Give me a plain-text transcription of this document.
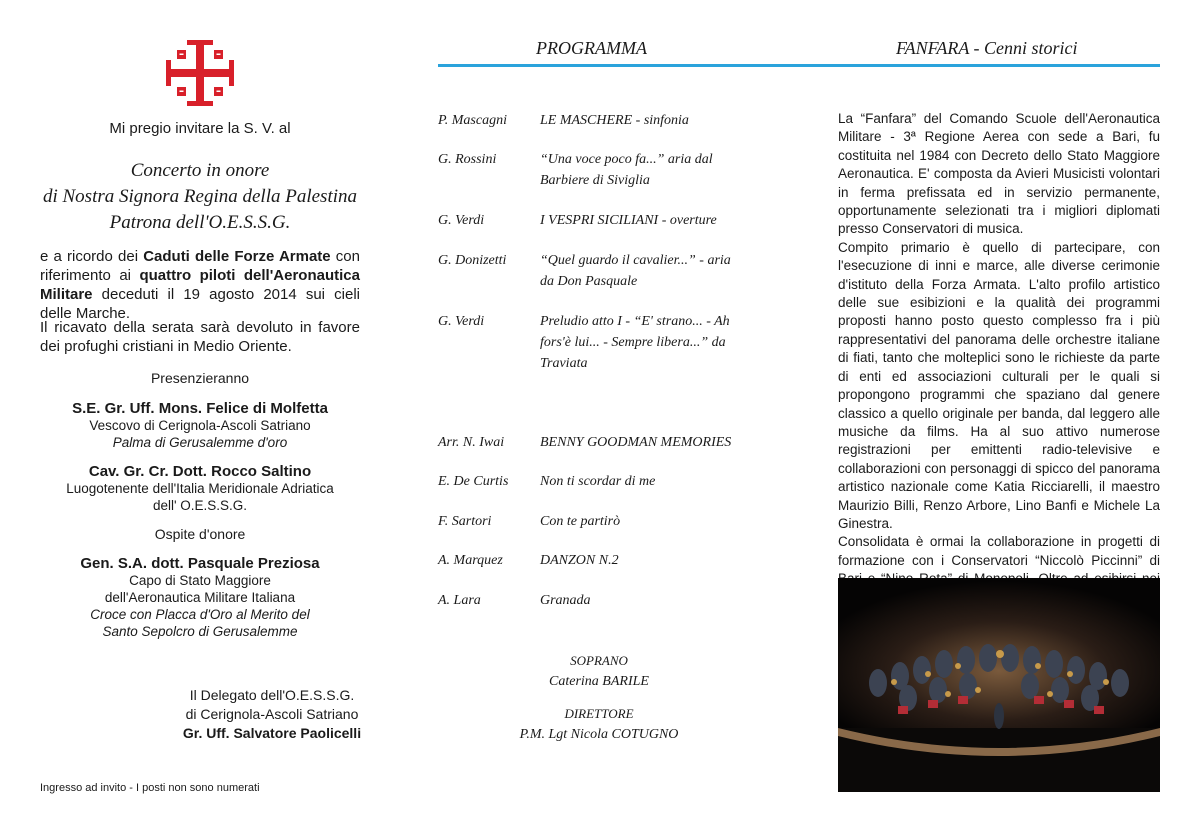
Mi pregio invitare la S. V. al
Concerto in onore
di Nostra Signora Regina della Palestina
Patrona dell'O.E.S.S.G.
e a ricordo dei Caduti delle Forze Armate con riferimento ai quattro piloti dell'Aeronautica Militare deceduti il 19 agosto 2014 sui cieli delle Marche.
Il ricavato della serata sarà devoluto in favore dei profughi cristiani in Medio Oriente.
Presenzieranno
S.E. Gr. Uff. Mons. Felice di Molfetta
Vescovo di Cerignola-Ascoli Satriano
Palma di Gerusalemme d'oro
Cav. Gr. Cr. Dott. Rocco Saltino
Luogotenente dell'Italia Meridionale Adriatica
dell' O.E.S.S.G.
Ospite d'onore
Gen. S.A. dott. Pasquale Preziosa
Capo di Stato Maggiore
dell'Aeronautica Militare Italiana
Croce con Placca d'Oro al Merito del
Santo Sepolcro di Gerusalemme
Il Delegato dell'O.E.S.S.G.
di Cerignola-Ascoli Satriano
Gr. Uff. Salvatore Paolicelli
Ingresso ad invito - I posti non sono numerati
PROGRAMMA	FANFARA - Cenni storici
P. Mascagni	LE MASCHERE - sinfonia
G. Rossini	“Una voce poco fa...” aria dal Barbiere di Siviglia
G. Verdi	I VESPRI SICILIANI - overture
G. Donizetti	“Quel guardo il cavalier...” - aria da Don Pasquale
G. Verdi	Preludio atto I - “E' strano... - Ah fors'è lui... - Sempre libera...” da Traviata
Arr. N. Iwai	BENNY GOODMAN MEMORIES
E. De Curtis	Non ti scordar di me
F. Sartori	Con te partirò
A. Marquez	DANZON N.2
A. Lara	Granada
SOPRANO
Caterina BARILE
DIRETTORE
P.M. Lgt Nicola COTUGNO

La “Fanfara” del Comando Scuole dell'Aeronautica Militare - 3ª Regione Aerea con sede a Bari, fu costituita nel 1984 con Decreto dello Stato Maggiore Aeronautica. E' composta da Avieri Musicisti volontari in ferma prefissata ed in servizio permanente, opportunamente selezionati tra i migliori diplomati presso Conservatori di musica.

Compito primario è quello di partecipare, con l'esecuzione di inni e marce, alle diverse cerimonie d'istituto della Forza Armata. L'alto profilo artistico delle sue esibizioni e la qualità dei programmi proposti hanno posto questo complesso fra i più rappresentativi del panorama delle orchestre italiane di fiati, tanto che molteplici sono le richieste da parte di enti ed associazioni culturali per le quali si propongono programmi che spaziano dal genere classico a quello originale per banda, dal leggero alle musiche da films. Ha al suo attivo numerose registrazioni per emittenti radio-televisive e collaborazioni con personaggi di spicco del panorama artistico nazionale come Katia Ricciarelli, il maestro Maurizio Billi, Renzo Arbore, Lino Banfi e Michele La Ginestra.

Consolidata è ormai la collaborazione in progetti di formazione con i Conservatori “Niccolò Piccinni” di
